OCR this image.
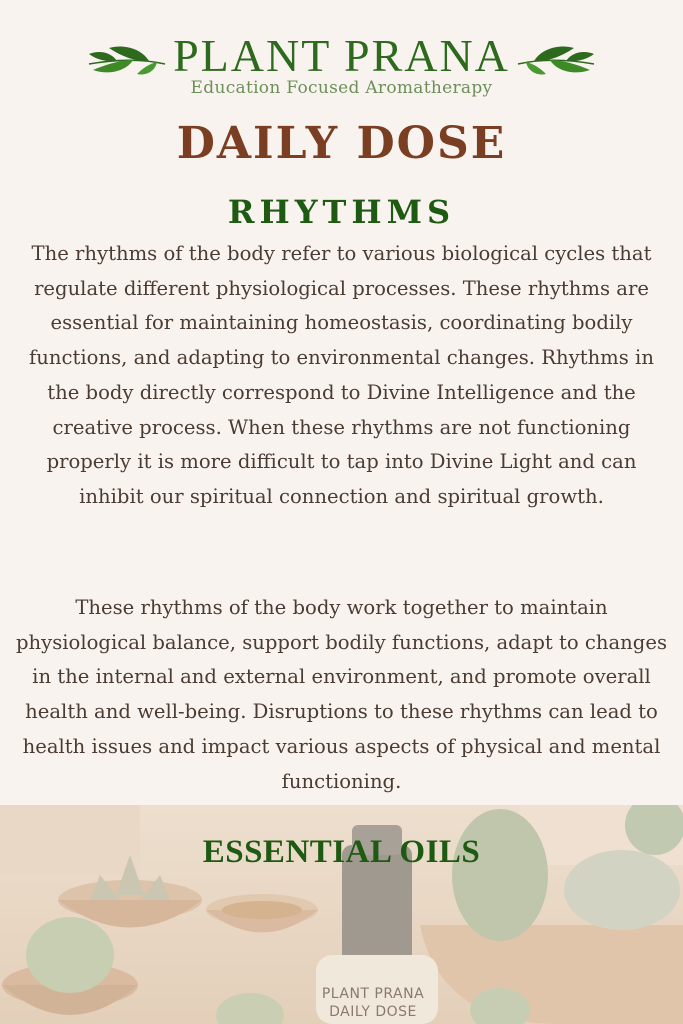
PLANT PRANA
Education Focused Aromatherapy
DAILY DOSE
RHYTHMS
The rhythms of the body refer to various biological cycles that regulate different physiological processes. These rhythms are essential for maintaining homeostasis, coordinating bodily functions, and adapting to environmental changes. Rhythms in the body directly correspond to Divine Intelligence and the creative process. When these rhythms are not functioning properly it is more difficult to tap into Divine Light and can inhibit our spiritual connection and spiritual growth.
These rhythms of the body work together to maintain physiological balance, support bodily functions, adapt to changes in the internal and external environment, and promote overall health and well-being. Disruptions to these rhythms can lead to health issues and impact various aspects of physical and mental functioning.
ESSENTIAL OILS
PLANT PRANA
DAILY DOSE
